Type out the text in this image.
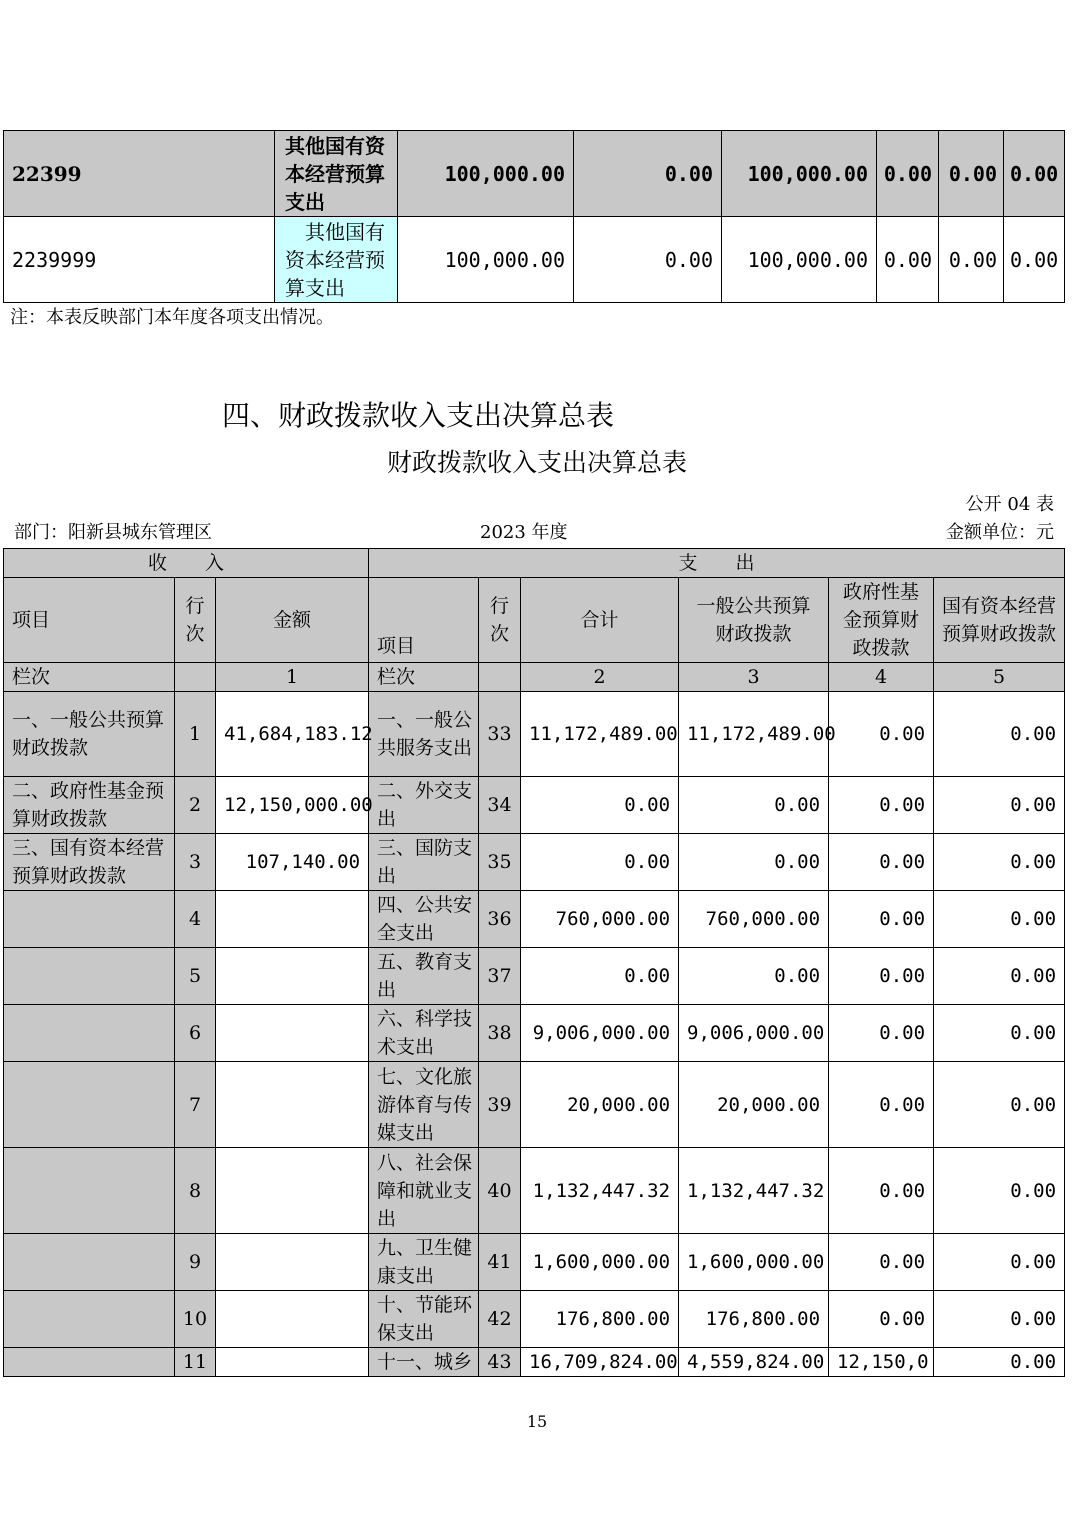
22399	其他国有资本经营预算支出	100,000.00	0.00	100,000.00	0.00	0.00	0.00
2239999	其他国有资本经营预算支出	100,000.00	0.00	100,000.00	0.00	0.00	0.00
注：本表反映部门本年度各项支出情况。
四、财政拨款收入支出决算总表
财政拨款收入支出决算总表
公开 04 表
部门：阳新县城东管理区	2023 年度	金额单位：元
收　　入			支　　出					
项目	行次	金额	项目	行次	合计	一般公共预算财政拨款	政府性基金预算财政拨款	国有资本经营预算财政拨款
栏次		1	栏次		2	3	4	5
一、一般公共预算财政拨款	1	41,684,183.12	一、一般公共服务支出	33	11,172,489.00	11,172,489.00	0.00	0.00
二、政府性基金预算财政拨款	2	12,150,000.00	二、外交支出	34	0.00	0.00	0.00	0.00
三、国有资本经营预算财政拨款	3	107,140.00	三、国防支出	35	0.00	0.00	0.00	0.00
	4		四、公共安全支出	36	760,000.00	760,000.00	0.00	0.00
	5		五、教育支出	37	0.00	0.00	0.00	0.00
	6		六、科学技术支出	38	9,006,000.00	9,006,000.00	0.00	0.00
	7		七、文化旅游体育与传媒支出	39	20,000.00	20,000.00	0.00	0.00
	8		八、社会保障和就业支出	40	1,132,447.32	1,132,447.32	0.00	0.00
	9		九、卫生健康支出	41	1,600,000.00	1,600,000.00	0.00	0.00
	10		十、节能环保支出	42	176,800.00	176,800.00	0.00	0.00
	11		十一、城乡	43	16,709,824.00	4,559,824.00	12,150,0	0.00
15
